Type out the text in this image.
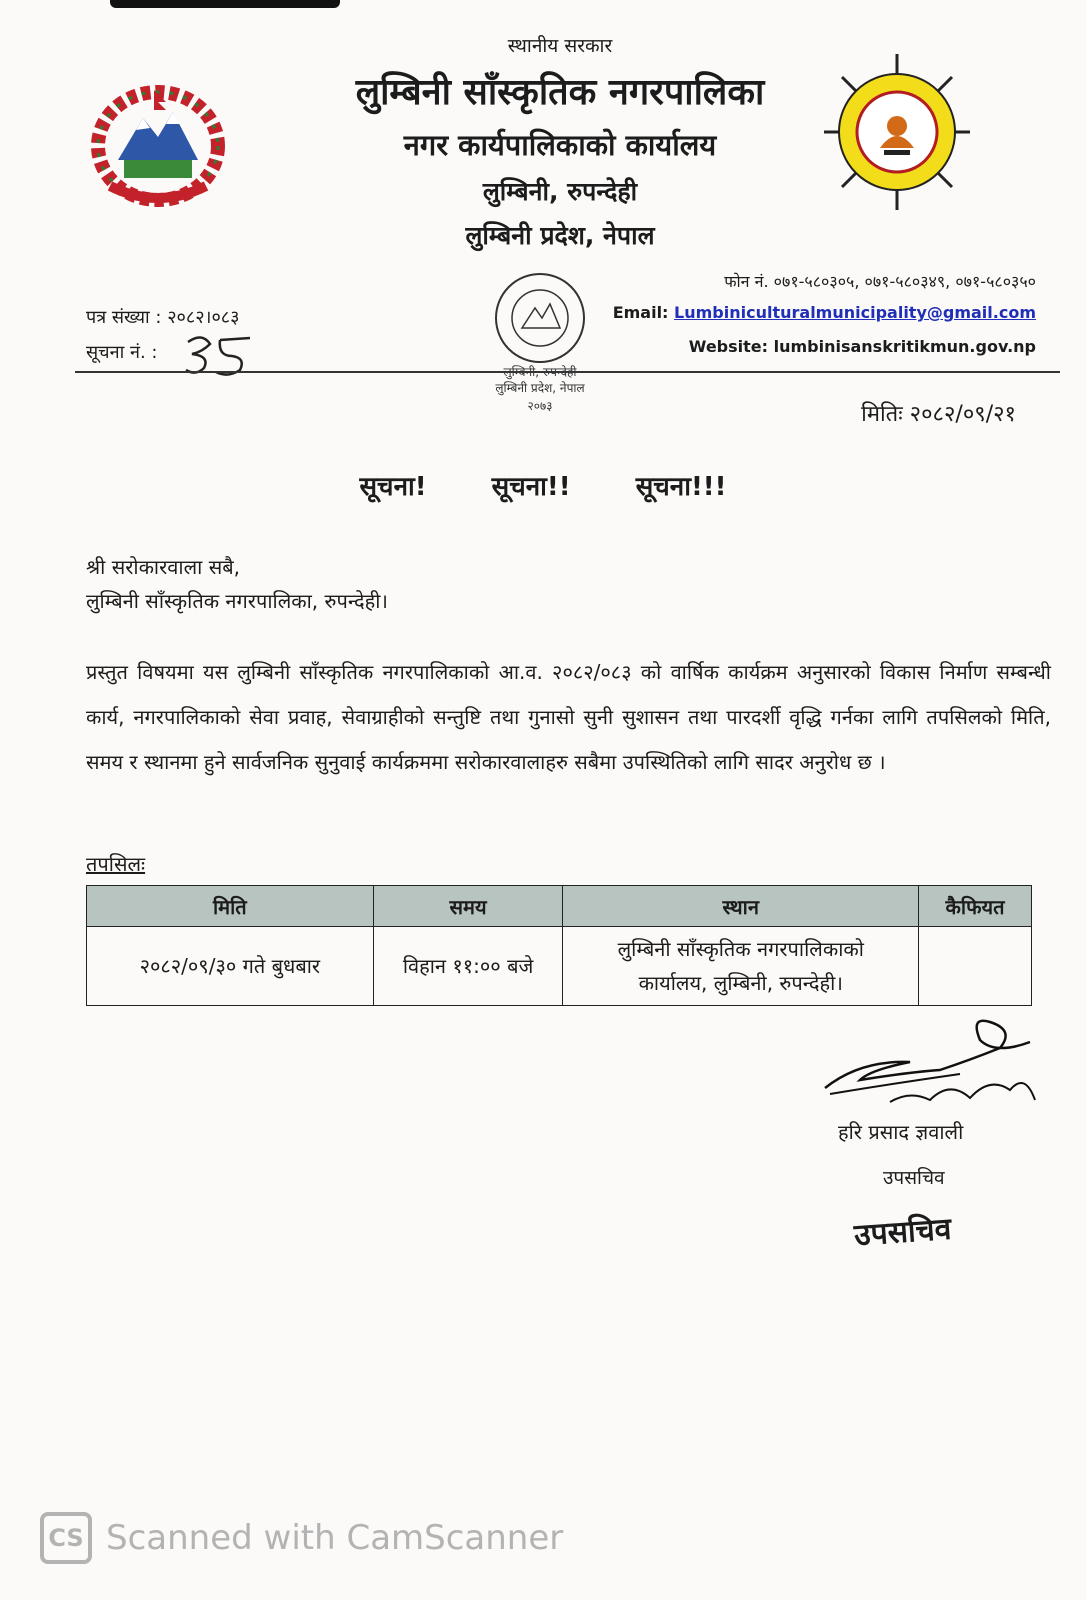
स्थानीय सरकार
लुम्बिनी साँस्कृतिक नगरपालिका
नगर कार्यपालिकाको कार्यालय
लुम्बिनी, रुपन्देही
लुम्बिनी प्रदेश, नेपाल
लुम्बिनी प्रदेश, नेपाल
२०७३
फोन नं. ०७१-५८०३०५, ०७१-५८०३४९, ०७१-५८०३५०
Email: Lumbiniculturalmunicipality@gmail.com
Website: lumbinisanskritikmun.gov.np
पत्र संख्या : २०८२।०८३
सूचना नं. :
मितिः २०८२/०९/२१
सूचना!	सूचना!!	सूचना!!!
श्री सरोकारवाला सबै,
लुम्बिनी साँस्कृतिक नगरपालिका, रुपन्देही।
प्रस्तुत विषयमा यस लुम्बिनी साँस्कृतिक नगरपालिकाको आ.व. २०८२/०८३ को वार्षिक कार्यक्रम अनुसारको विकास निर्माण सम्बन्धी कार्य, नगरपालिकाको सेवा प्रवाह, सेवाग्राहीको सन्तुष्टि तथा गुनासो सुनी सुशासन तथा पारदर्शी वृद्धि गर्नका लागि तपसिलको मिति, समय र स्थानमा हुने सार्वजनिक सुनुवाई कार्यक्रममा सरोकारवालाहरु सबैमा उपस्थितिको लागि सादर अनुरोध छ ।
तपसिलः
मिति	समय	स्थान	कैफियत
२०८२/०९/३० गते बुधबार	विहान ११:०० बजे	लुम्बिनी साँस्कृतिक नगरपालिकाको
कार्यालय, लुम्बिनी, रुपन्देही।	

हरि प्रसाद ज्ञवाली
उपसचिव
उपसचिव
CS Scanned with CamScanner
